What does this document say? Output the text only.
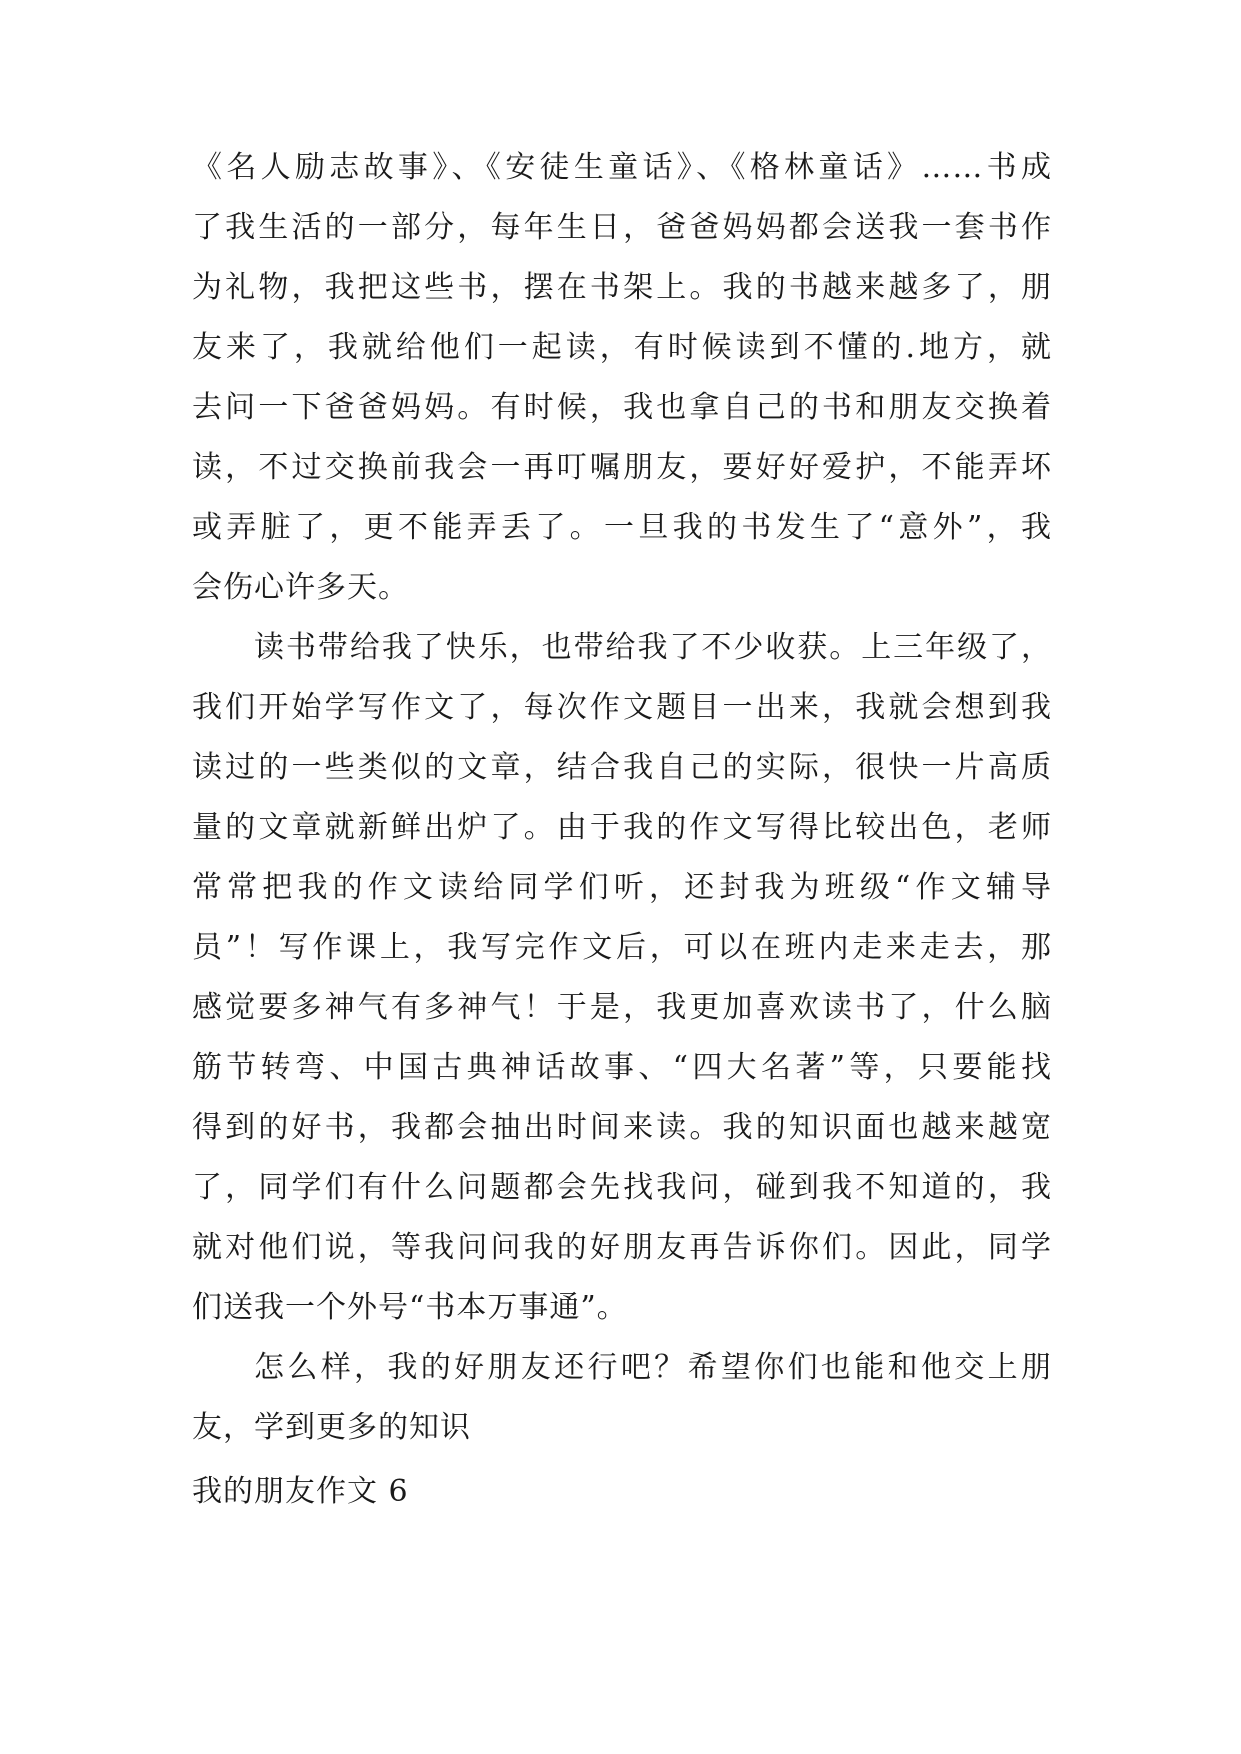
《名人励志故事》、《安徒生童话》、《格林童话》……书成
了我生活的一部分，每年生日，爸爸妈妈都会送我一套书作
为礼物，我把这些书，摆在书架上。我的书越来越多了，朋
友来了，我就给他们一起读，有时候读到不懂的.地方，就
去问一下爸爸妈妈。有时候，我也拿自己的书和朋友交换着
读，不过交换前我会一再叮嘱朋友，要好好爱护，不能弄坏
或弄脏了，更不能弄丢了。一旦我的书发生了“意外”，我
会伤心许多天。
读书带给我了快乐，也带给我了不少收获。上三年级了，
我们开始学写作文了，每次作文题目一出来，我就会想到我
读过的一些类似的文章，结合我自己的实际，很快一片高质
量的文章就新鲜出炉了。由于我的作文写得比较出色，老师
常常把我的作文读给同学们听，还封我为班级“作文辅导
员”！写作课上，我写完作文后，可以在班内走来走去，那
感觉要多神气有多神气！于是，我更加喜欢读书了，什么脑
筋节转弯、中国古典神话故事、“四大名著”等，只要能找
得到的好书，我都会抽出时间来读。我的知识面也越来越宽
了，同学们有什么问题都会先找我问，碰到我不知道的，我
就对他们说，等我问问我的好朋友再告诉你们。因此，同学
们送我一个外号“书本万事通”。
怎么样，我的好朋友还行吧？希望你们也能和他交上朋
友，学到更多的知识
我的朋友作文 6
